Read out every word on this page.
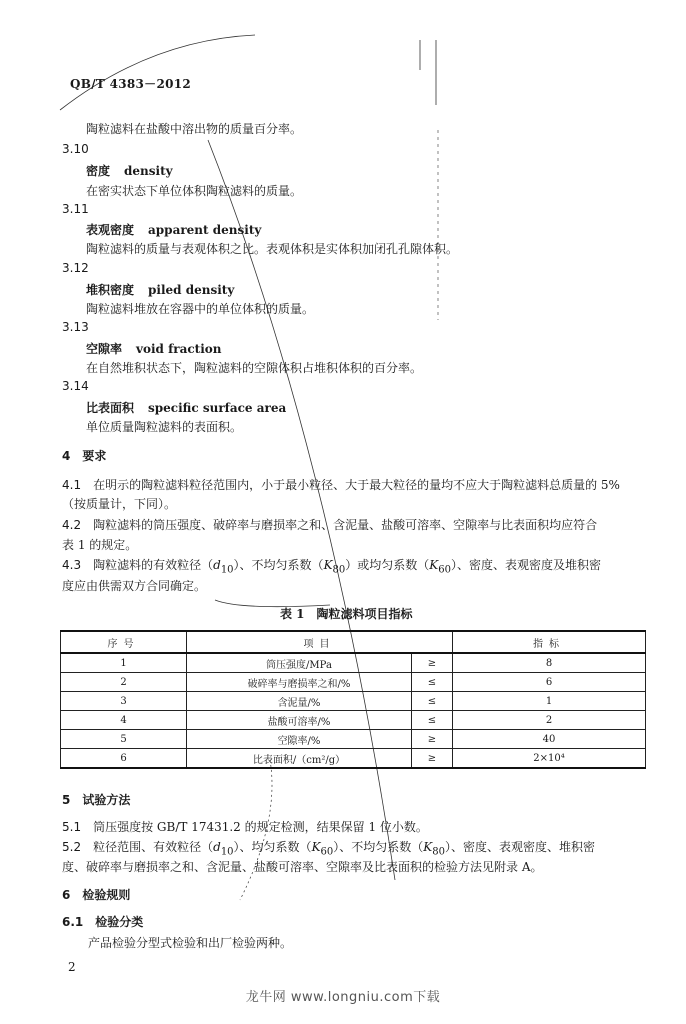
QB/T 4383－2012
陶粒滤料在盐酸中溶出物的质量百分率。
3.10
密度 density
在密实状态下单位体积陶粒滤料的质量。
3.11
表观密度 apparent density
陶粒滤料的质量与表观体积之比。表观体积是实体积加闭孔孔隙体积。
3.12
堆积密度 piled density
陶粒滤料堆放在容器中的单位体积的质量。
3.13
空隙率 void fraction
在自然堆积状态下，陶粒滤料的空隙体积占堆积体积的百分率。
3.14
比表面积 specific surface area
单位质量陶粒滤料的表面积。
4　要求
4.1　 在明示的陶粒滤料粒径范围内，小于最小粒径、大于最大粒径的量均不应大于陶粒滤料总质量的 5%
（按质量计，下同）。
4.2　 陶粒滤料的筒压强度、破碎率与磨损率之和、含泥量、盐酸可溶率、空隙率与比表面积均应符合
表 1 的规定。
4.3　 陶粒滤料的有效粒径$(d_{10})$、不均匀系数$(K_{80})$或均匀系数$(K_{60})$、密度、表观密度及堆积密
度应由供需双方合同确定。
表 1　陶粒滤料项目指标
序号	项目		指标
1	筒压强度/MPa	≥	8
2	破碎率与磨损率之和/%	≤	6
3	含泥量/%	≤	1
4	盐酸可溶率/%	≤	2
5	空隙率/%	≥	40
6	比表面积/（cm²/g）	≥	2×10⁴
5　试验方法
5.1　 筒压强度按 GB/T 17431.2 的规定检测，结果保留 1 位小数。
5.2　 粒径范围、有效粒径$(d_{10})$、均匀系数$(K_{60})$、不均匀系数$(K_{80})$、密度、表观密度、堆积密
度、破碎率与磨损率之和、含泥量、盐酸可溶率、空隙率及比表面积的检验方法见附录 A。
6　检验规则
6.1　检验分类
产品检验分型式检验和出厂检验两种。
2
龙牛网 www.longniu.com下载
